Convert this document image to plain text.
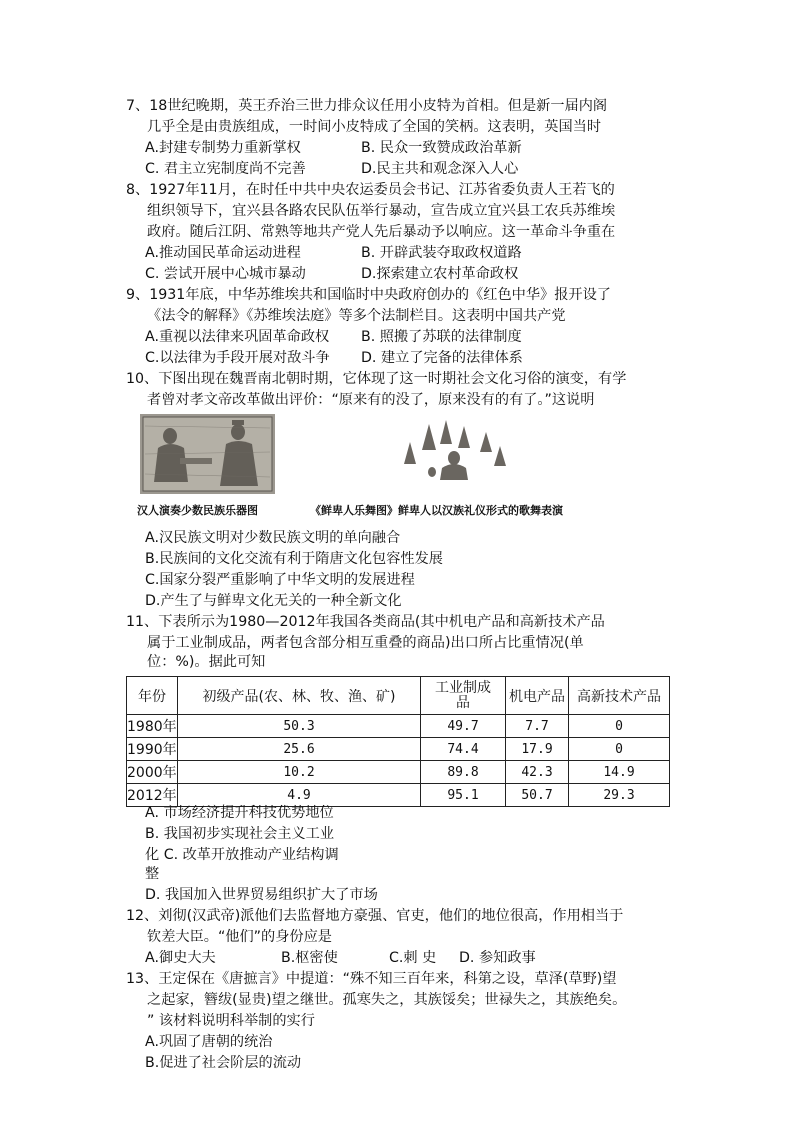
7、18世纪晚期，英王乔治三世力排众议任用小皮特为首相。但是新一届内阁
几乎全是由贵族组成，一时间小皮特成了全国的笑柄。这表明，英国当时
A.封建专制势力重新掌权	B. 民众一致赞成政治革新
C. 君主立宪制度尚不完善	D.民主共和观念深入人心
8、1927年11月，在时任中共中央农运委员会书记、江苏省委负责人王若飞的
组织领导下，宜兴县各路农民队伍举行暴动，宣告成立宜兴县工农兵苏维埃
政府。随后江阴、常熟等地共产党人先后暴动予以响应。这一革命斗争重在
A.推动国民革命运动进程	B. 开辟武装夺取政权道路
C. 尝试开展中心城市暴动	D.探索建立农村革命政权
9、1931年底，中华苏维埃共和国临时中央政府创办的《红色中华》报开设了
《法令的解释》《苏维埃法庭》等多个法制栏目。这表明中国共产党
A.重视以法律来巩固革命政权 B. 照搬了苏联的法律制度
C.以法律为手段开展对敌斗争 D. 建立了完备的法律体系
10、下图出现在魏晋南北朝时期，它体现了这一时期社会文化习俗的演变，有学
者曾对孝文帝改革做出评价：“原来有的没了，原来没有的有了。”这说明
汉人演奏少数民族乐器图	《鲜卑人乐舞图》鲜卑人以汉族礼仪形式的歌舞表演
A.汉民族文明对少数民族文明的单向融合
B.民族间的文化交流有利于隋唐文化包容性发展
C.国家分裂严重影响了中华文明的发展进程
D.产生了与鲜卑文化无关的一种全新文化
11、下表所示为1980—2012年我国各类商品(其中机电产品和高新技术产品
属于工业制成品，两者包含部分相互重叠的商品)出口所占比重情况(单
位：%)。据此可知
年份	初级产品(农、林、牧、渔、矿)	工业制成
品	机电产品	高新技术产品
1980年	50.3	49.7	7.7	0
1990年	25.6	74.4	17.9	0
2000年	10.2	89.8	42.3	14.9
2012年	4.9	95.1	50.7	29.3
A. 市场经济提升科技优势地位
B. 我国初步实现社会主义工业
化 C. 改革开放推动产业结构调
整
D. 我国加入世界贸易组织扩大了市场
12、刘彻(汉武帝)派他们去监督地方豪强、官吏，他们的地位很高，作用相当于
钦差大臣。“他们”的身份应是
A.御史大夫	B.枢密使	C.刺 史 D. 参知政事
13、王定保在《唐摭言》中提道：“殊不知三百年来，科第之设，草泽(草野)望
之起家，簪绂(显贵)望之继世。孤寒失之，其族馁矣；世禄失之，其族绝矣。
” 该材料说明科举制的实行
A.巩固了唐朝的统治
B.促进了社会阶层的流动
